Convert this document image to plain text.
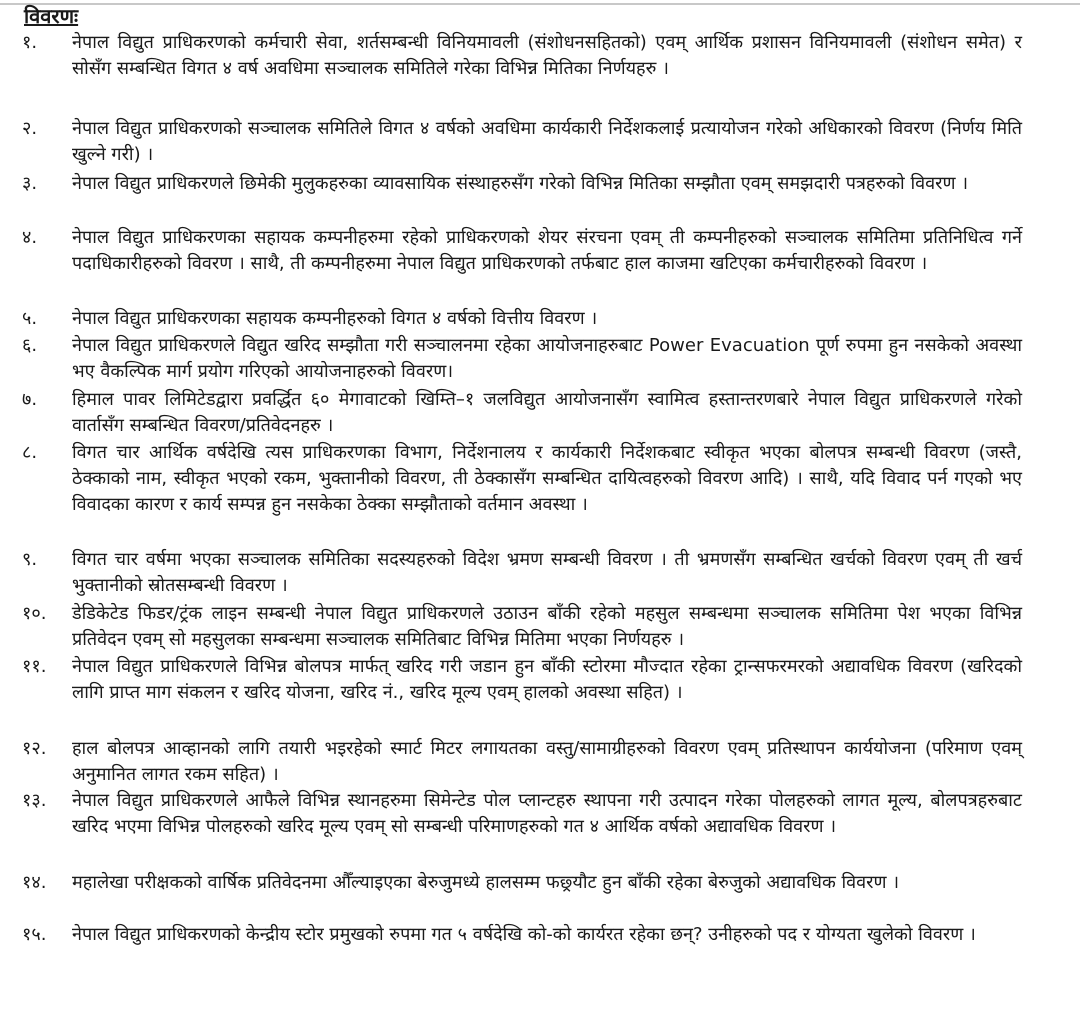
विवरणः
१.	नेपाल विद्युत प्राधिकरणको कर्मचारी सेवा, शर्तसम्बन्धी विनियमावली (संशोधनसहितको) एवम् आर्थिक प्रशासन विनियमावली (संशोधन समेत) र सोसँग सम्बन्धित विगत ४ वर्ष अवधिमा सञ्चालक समितिले गरेका विभिन्न मितिका निर्णयहरु ।
२.	नेपाल विद्युत प्राधिकरणको सञ्चालक समितिले विगत ४ वर्षको अवधिमा कार्यकारी निर्देशकलाई प्रत्यायोजन गरेको अधिकारको विवरण (निर्णय मिति खुल्ने गरी) ।
३.	नेपाल विद्युत प्राधिकरणले छिमेकी मुलुकहरुका व्यावसायिक संस्थाहरुसँग गरेको विभिन्न मितिका सम्झौता एवम् समझदारी पत्रहरुको विवरण ।
४.	नेपाल विद्युत प्राधिकरणका सहायक कम्पनीहरुमा रहेको प्राधिकरणको शेयर संरचना एवम् ती कम्पनीहरुको सञ्चालक समितिमा प्रतिनिधित्व गर्ने पदाधिकारीहरुको विवरण । साथै, ती कम्पनीहरुमा नेपाल विद्युत प्राधिकरणको तर्फबाट हाल काजमा खटिएका कर्मचारीहरुको विवरण ।
५.	नेपाल विद्युत प्राधिकरणका सहायक कम्पनीहरुको विगत ४ वर्षको वित्तीय विवरण ।
६.	नेपाल विद्युत प्राधिकरणले विद्युत खरिद सम्झौता गरी सञ्चालनमा रहेका आयोजनाहरुबाट Power Evacuation पूर्ण रुपमा हुन नसकेको अवस्था भए वैकल्पिक मार्ग प्रयोग गरिएको आयोजनाहरुको विवरण।
७.	हिमाल पावर लिमिटेडद्वारा प्रवर्द्धित ६० मेगावाटको खिम्ति–१ जलविद्युत आयोजनासँग स्वामित्व हस्तान्तरणबारे नेपाल विद्युत प्राधिकरणले गरेको वार्तासँग सम्बन्धित विवरण/प्रतिवेदनहरु ।
८.	विगत चार आर्थिक वर्षदेखि त्यस प्राधिकरणका विभाग, निर्देशनालय र कार्यकारी निर्देशकबाट स्वीकृत भएका बोलपत्र सम्बन्धी विवरण (जस्तै, ठेक्काको नाम, स्वीकृत भएको रकम, भुक्तानीको विवरण, ती ठेक्कासँग सम्बन्धित दायित्वहरुको विवरण आदि) । साथै, यदि विवाद पर्न गएको भए विवादका कारण र कार्य सम्पन्न हुन नसकेका ठेक्का सम्झौताको वर्तमान अवस्था ।
९.	विगत चार वर्षमा भएका सञ्चालक समितिका सदस्यहरुको विदेश भ्रमण सम्बन्धी विवरण । ती भ्रमणसँग सम्बन्धित खर्चको विवरण एवम् ती खर्च भुक्तानीको स्रोतसम्बन्धी विवरण ।
१०.	डेडिकेटेड फिडर/ट्रंक लाइन सम्बन्धी नेपाल विद्युत प्राधिकरणले उठाउन बाँकी रहेको महसुल सम्बन्धमा सञ्चालक समितिमा पेश भएका विभिन्न प्रतिवेदन एवम् सो महसुलका सम्बन्धमा सञ्चालक समितिबाट विभिन्न मितिमा भएका निर्णयहरु ।
११.	नेपाल विद्युत प्राधिकरणले विभिन्न बोलपत्र मार्फत् खरिद गरी जडान हुन बाँकी स्टोरमा मौज्दात रहेका ट्रान्सफरमरको अद्यावधिक विवरण (खरिदको लागि प्राप्त माग संकलन र खरिद योजना, खरिद नं., खरिद मूल्य एवम् हालको अवस्था सहित) ।
१२.	हाल बोलपत्र आव्हानको लागि तयारी भइरहेको स्मार्ट मिटर लगायतका वस्तु/सामाग्रीहरुको विवरण एवम् प्रतिस्थापन कार्ययोजना (परिमाण एवम् अनुमानित लागत रकम सहित) ।
१३.	नेपाल विद्युत प्राधिकरणले आफैले विभिन्न स्थानहरुमा सिमेन्टेड पोल प्लान्टहरु स्थापना गरी उत्पादन गरेका पोलहरुको लागत मूल्य, बोलपत्रहरुबाट खरिद भएमा विभिन्न पोलहरुको खरिद मूल्य एवम् सो सम्बन्धी परिमाणहरुको गत ४ आर्थिक वर्षको अद्यावधिक विवरण ।
१४.	महालेखा परीक्षकको वार्षिक प्रतिवेदनमा औँल्याइएका बेरुजुमध्ये हालसम्म फछ्र्यौट हुन बाँकी रहेका बेरुजुको अद्यावधिक विवरण ।
१५.	नेपाल विद्युत प्राधिकरणको केन्द्रीय स्टोर प्रमुखको रुपमा गत ५ वर्षदेखि को-को कार्यरत रहेका छन्? उनीहरुको पद र योग्यता खुलेको विवरण ।
